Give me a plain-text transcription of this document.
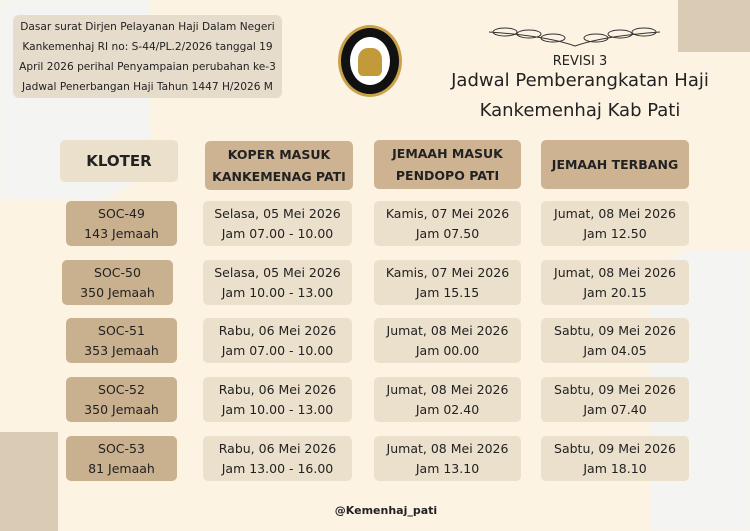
Dasar surat Dirjen Pelayanan Haji Dalam Negeri
Kankemenhaj RI no: S-44/PL.2/2026 tanggal 19
April 2026 perihal Penyampaian perubahan ke-3
Jadwal Penerbangan Haji Tahun 1447 H/2026 M
REVISI 3
Jadwal Pemberangkatan Haji
Kankemenhaj Kab Pati
KLOTER	KOPER MASUK
KANKEMENAG PATI
JEMAAH MASUK
PENDOPO PATI
JEMAAH TERBANG
SOC-49
143 Jemaah
Selasa, 05 Mei 2026
Jam 07.00 - 10.00
Kamis, 07 Mei 2026
Jam 07.50
Jumat, 08 Mei 2026
Jam 12.50
SOC-50
350 Jemaah
Selasa, 05 Mei 2026
Jam 10.00 - 13.00
Kamis, 07 Mei 2026
Jam 15.15
Jumat, 08 Mei 2026
Jam 20.15
SOC-51
353 Jemaah
Rabu, 06 Mei 2026
Jam 07.00 - 10.00
Jumat, 08 Mei 2026
Jam 00.00
Sabtu, 09 Mei 2026
Jam 04.05
SOC-52
350 Jemaah
Rabu, 06 Mei 2026
Jam 10.00 - 13.00
Jumat, 08 Mei 2026
Jam 02.40
Sabtu, 09 Mei 2026
Jam 07.40
SOC-53
81 Jemaah
Rabu, 06 Mei 2026
Jam 13.00 - 16.00
Jumat, 08 Mei 2026
Jam 13.10
Sabtu, 09 Mei 2026
Jam 18.10
@Kemenhaj_pati
